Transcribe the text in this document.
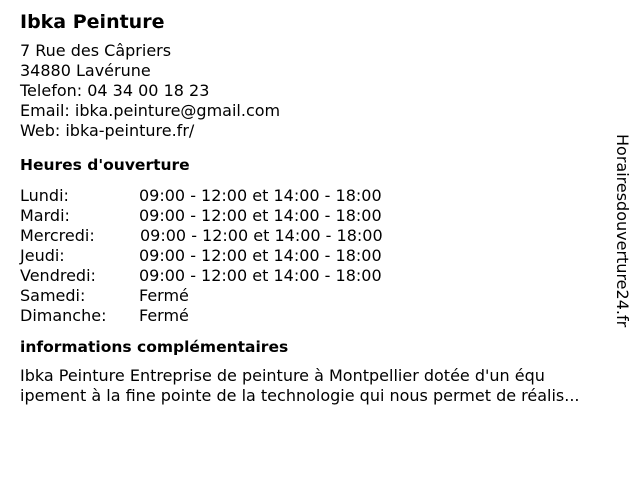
Ibka Peinture
7 Rue des Câpriers
34880 Lavérune
Telefon: 04 34 00 18 23
Email: ibka.peinture@gmail.com
Web: ibka-peinture.fr/
Heures d'ouverture
Lundi:	09:00 - 12:00 et 14:00 - 18:00
Mardi:	09:00 - 12:00 et 14:00 - 18:00
Mercredi:	09:00 - 12:00 et 14:00 - 18:00
Jeudi:	09:00 - 12:00 et 14:00 - 18:00
Vendredi:	09:00 - 12:00 et 14:00 - 18:00
Samedi:	Fermé
Dimanche: Fermé
informations complémentaires
Ibka Peinture Entreprise de peinture à Montpellier dotée d'un équ
ipement à la fine pointe de la technologie qui nous permet de réalis...
Horairesdouverture24.fr
